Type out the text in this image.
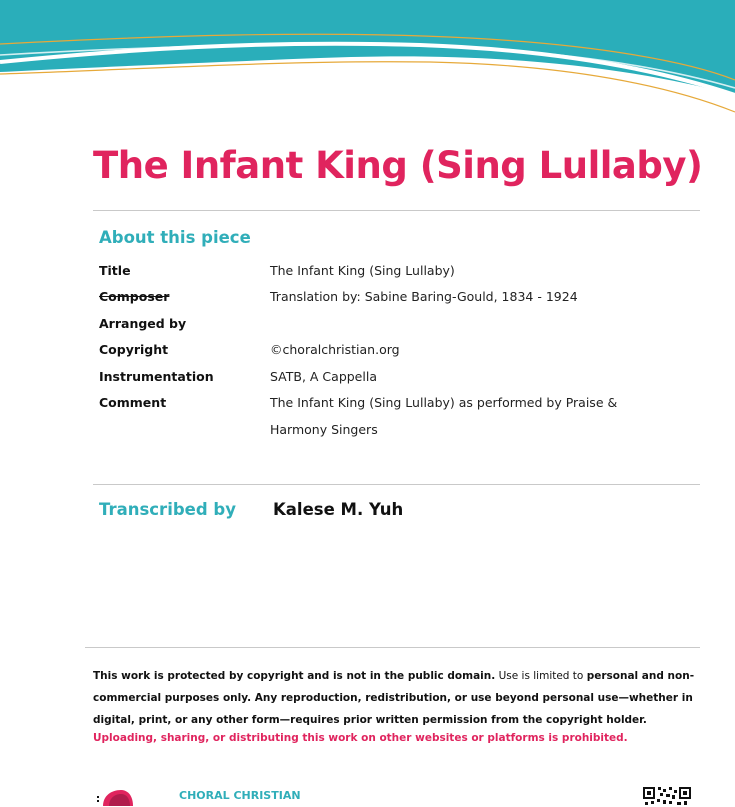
The Infant King (Sing Lullaby)
About this piece
Title	The Infant King (Sing Lullaby)
Composer	Translation by: Sabine Baring-Gould, 1834 - 1924
Arranged by
Copyright	©choralchristian.org
Instrumentation	SATB, A Cappella
Comment	The Infant King (Sing Lullaby) as performed by Praise & Harmony Singers
Transcribed by Kalese M. Yuh
This work is protected by copyright and is not in the public domain. Use is limited to personal and non-commercial purposes only. Any reproduction, redistribution, or use beyond personal use—whether in digital, print, or any other form—requires prior written permission from the copyright holder.
Uploading, sharing, or distributing this work on other websites or platforms is prohibited.
CHORAL CHRISTIAN
